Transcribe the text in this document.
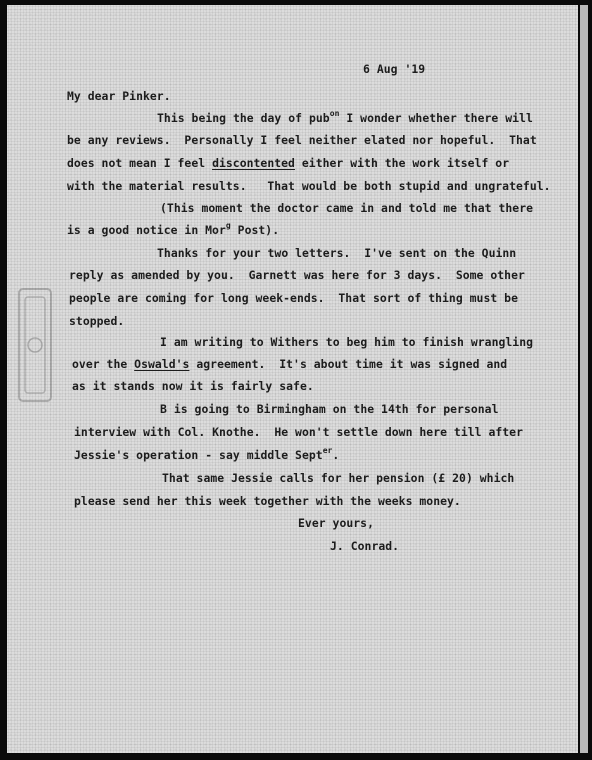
6 Aug '19
My dear Pinker.
This being the day of pub$^{on}$ I wonder whether there will
be any reviews.  Personally I feel neither elated nor hopeful.  That
does not mean I feel discontented either with the work itself or
with the material results.   That would be both stupid and ungrateful.
(This moment the doctor came in and told me that there
is a good notice in Mor$^g$ Post).
Thanks for your two letters.  I've sent on the Quinn
reply as amended by you.  Garnett was here for 3 days.  Some other
people are coming for long week-ends.  That sort of thing must be
stopped.
I am writing to Withers to beg him to finish wrangling
over the Oswald's agreement.  It's about time it was signed and
as it stands now it is fairly safe.
B is going to Birmingham on the 14th for personal
interview with Col. Knothe.  He won't settle down here till after
Jessie's operation - say middle Sept$^{er}$.
That same Jessie calls for her pension (£ 20) which
please send her this week together with the weeks money.
Ever yours,
J. Conrad.
